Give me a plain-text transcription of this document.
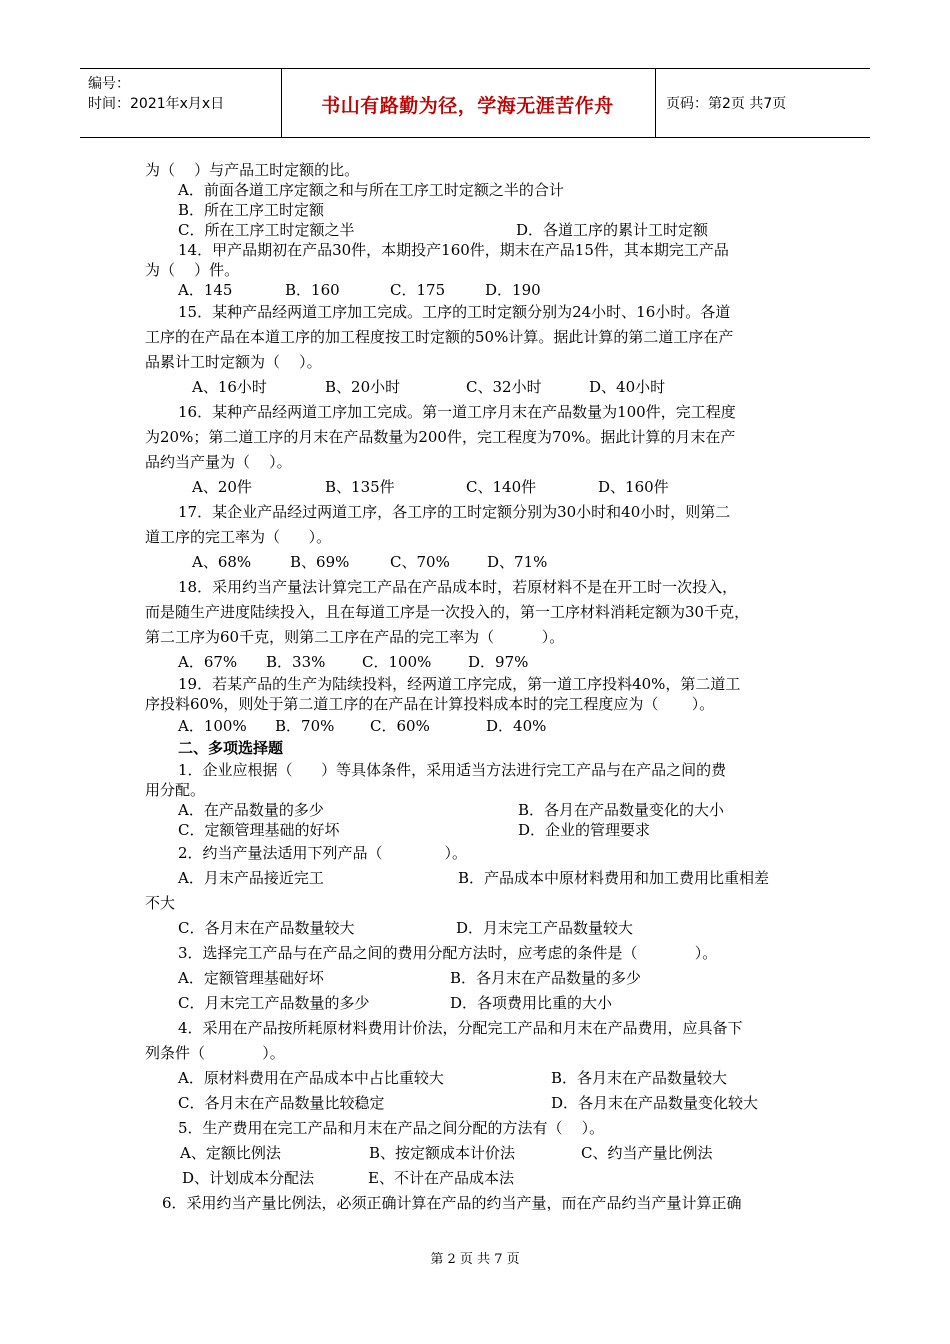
编号：
时间：2021年x月x日	书山有路勤为径，学海无涯苦作舟	页码：第2页 共7页
为（    ）与产品工时定额的比。
A．前面各道工序定额之和与所在工序工时定额之半的合计
B．所在工序工时定额
C．所在工序工时定额之半	D．各道工序的累计工时定额
14．甲产品期初在产品30件，本期投产160件，期末在产品15件，其本期完工产品
为（    ）件。
A．145	B．160	C．175	D．190
15．某种产品经两道工序加工完成。工序的工时定额分别为24小时、16小时。各道
工序的在产品在本道工序的加工程度按工时定额的50%计算。据此计算的第二道工序在产
品累计工时定额为（    ）。
A、16小时	B、20小时	C、32小时	D、40小时
16．某种产品经两道工序加工完成。第一道工序月末在产品数量为100件，完工程度
为20%；第二道工序的月末在产品数量为200件，完工程度为70%。据此计算的月末在产
品约当产量为（    ）。
A、20件	B、135件	C、140件	D、160件
17．某企业产品经过两道工序，各工序的工时定额分别为30小时和40小时，则第二
道工序的完工率为（      ）。
A、68%	B、69%	C、70% D、71%
18．采用约当产量法计算完工产品在产品成本时，若原材料不是在开工时一次投入，
而是随生产进度陆续投入，且在每道工序是一次投入的，第一工序材料消耗定额为30千克，
第二工序为60千克，则第二工序在产品的完工率为（          ）。
A．67% B．33% C．100% D．97%
19．若某产品的生产为陆续投料，经两道工序完成，第一道工序投料40%，第二道工
序投料60%，则处于第二道工序的在产品在计算投料成本时的完工程度应为（       ）。
A．100% B．70% C．60%	D．40%
二、多项选择题
1．企业应根据（      ）等具体条件，采用适当方法进行完工产品与在产品之间的费
用分配。
A．在产品数量的多少	B．各月在产品数量变化的大小
C．定额管理基础的好坏	D．企业的管理要求
2．约当产量法适用下列产品（             ）。
A．月末产品接近完工	B．产品成本中原材料费用和加工费用比重相差
不大
C．各月末在产品数量较大	D．月末完工产品数量较大
3．选择完工产品与在产品之间的费用分配方法时，应考虑的条件是（            ）。
A．定额管理基础好坏	B．各月末在产品数量的多少
C．月末完工产品数量的多少	D．各项费用比重的大小
4．采用在产品按所耗原材料费用计价法，分配完工产品和月末在产品费用，应具备下
列条件（            ）。
A．原材料费用在产品成本中占比重较大	B．各月末在产品数量较大
C．各月末在产品数量比较稳定	D．各月末在产品数量变化较大
5．生产费用在完工产品和月末在产品之间分配的方法有（    ）。
A、定额比例法	B、按定额成本计价法	C、约当产量比例法
D、计划成本分配法	E、不计在产品成本法
6．采用约当产量比例法，必须正确计算在产品的约当产量，而在产品约当产量计算正确
第 2 页 共 7 页
